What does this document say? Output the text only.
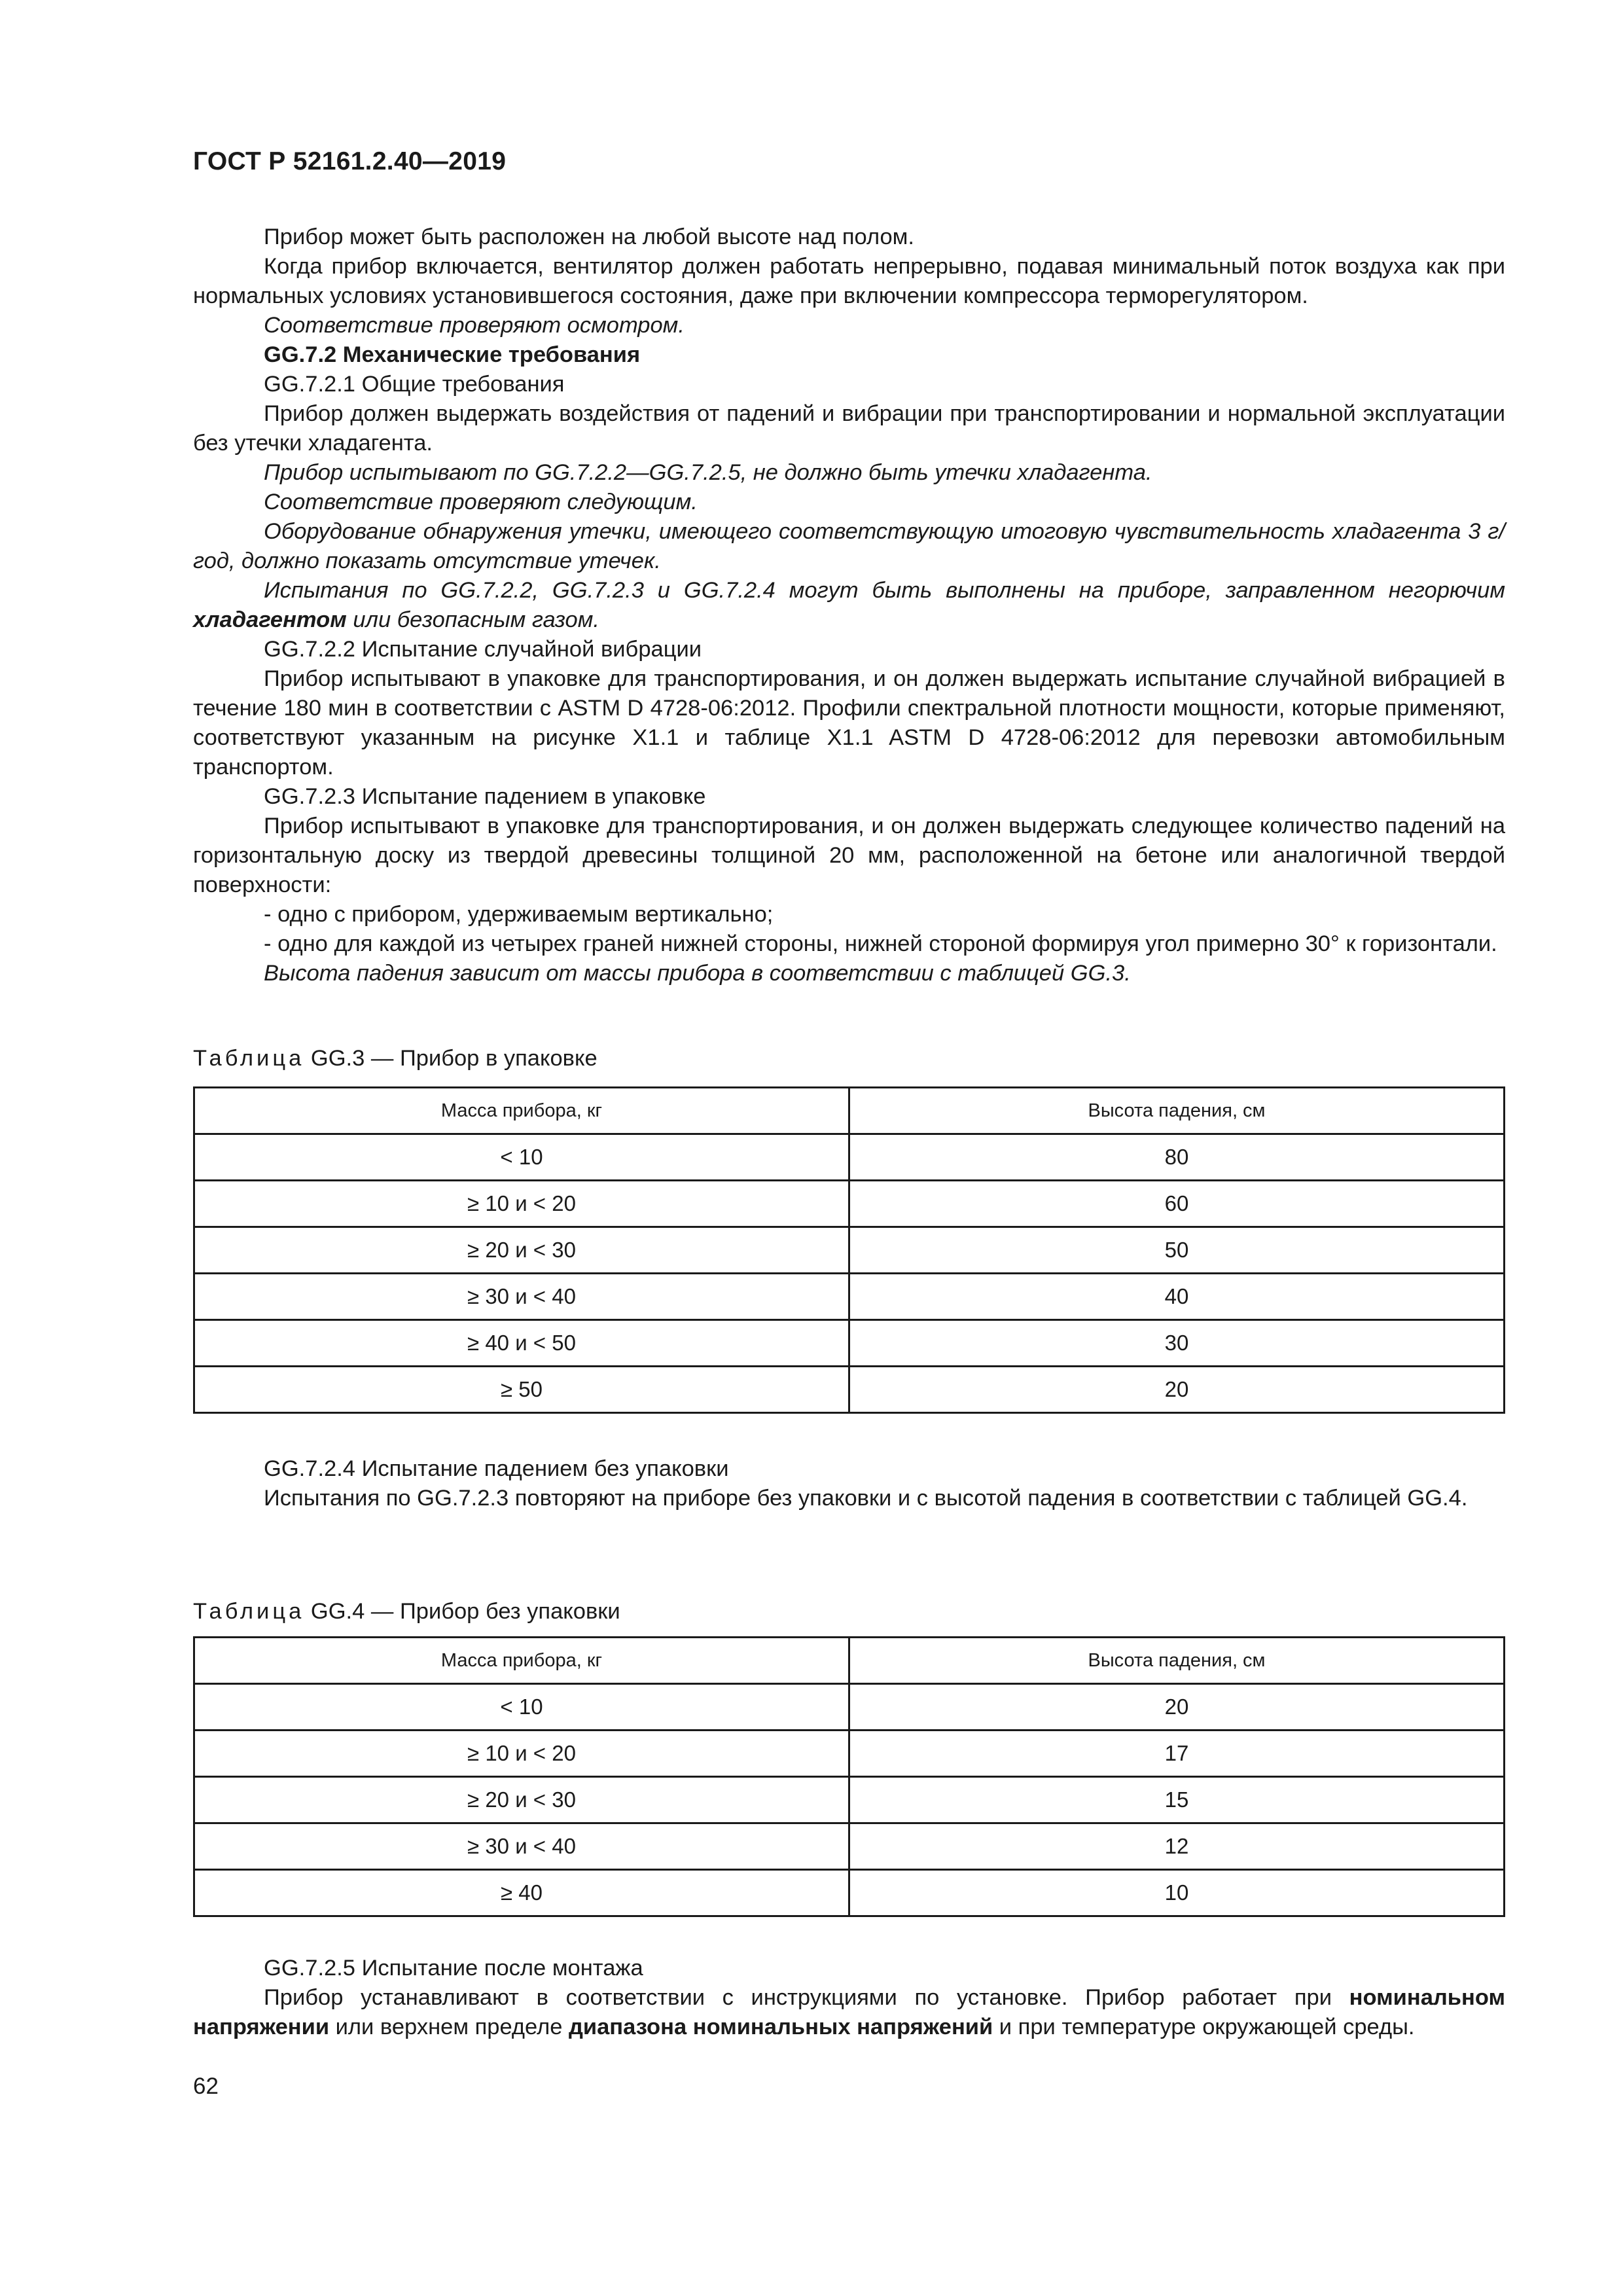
ГОСТ Р 52161.2.40—2019

Прибор может быть расположен на любой высоте над полом.

Когда прибор включается, вентилятор должен работать непрерывно, подавая минимальный поток воздуха как при нормальных условиях установившегося состояния, даже при включении компрессора терморегулятором.

Соответствие проверяют осмотром.

GG.7.2 Механические требования

GG.7.2.1 Общие требования

Прибор должен выдержать воздействия от падений и вибрации при транспортировании и нормальной эксплуатации без утечки хладагента.

Прибор испытывают по GG.7.2.2—GG.7.2.5, не должно быть утечки хладагента.

Соответствие проверяют следующим.

Оборудование обнаружения утечки, имеющего соответствующую итоговую чувствительность хладагента 3 г/год, должно показать отсутствие утечек.

Испытания по GG.7.2.2, GG.7.2.3 и GG.7.2.4 могут быть выполнены на приборе, заправленном негорючим хладагентом или безопасным газом.

GG.7.2.2 Испытание случайной вибрации

Прибор испытывают в упаковке для транспортирования, и он должен выдержать испытание случайной вибрацией в течение 180 мин в соответствии с ASTM D 4728-06:2012. Профили спектральной плотности мощности, которые применяют, соответствуют указанным на рисунке X1.1 и таблице X1.1 ASTM D 4728-06:2012 для перевозки автомобильным транспортом.

GG.7.2.3 Испытание падением в упаковке

Прибор испытывают в упаковке для транспортирования, и он должен выдержать следующее количество падений на горизонтальную доску из твердой древесины толщиной 20 мм, расположенной на бетоне или аналогичной твердой поверхности:

- одно с прибором, удерживаемым вертикально;

- одно для каждой из четырех граней нижней стороны, нижней стороной формируя угол примерно 30° к горизонтали.

Высота падения зависит от массы прибора в соответствии с таблицей GG.3.

Таблица GG.3 — Прибор в упаковке
Масса прибора, кг	Высота падения, см
< 10	80
≥ 10 и < 20	60
≥ 20 и < 30	50
≥ 30 и < 40	40
≥ 40 и < 50	30
≥ 50	20

GG.7.2.4 Испытание падением без упаковки

Испытания по GG.7.2.3 повторяют на приборе без упаковки и с высотой падения в соответствии с таблицей GG.4.

Таблица GG.4 — Прибор без упаковки
Масса прибора, кг	Высота падения, см
< 10	20
≥ 10 и < 20	17
≥ 20 и < 30	15
≥ 30 и < 40	12
≥ 40	10

GG.7.2.5 Испытание после монтажа

Прибор устанавливают в соответствии с инструкциями по установке. Прибор работает при номинальном напряжении или верхнем пределе диапазона номинальных напряжений и при температуре окружающей среды.

62
